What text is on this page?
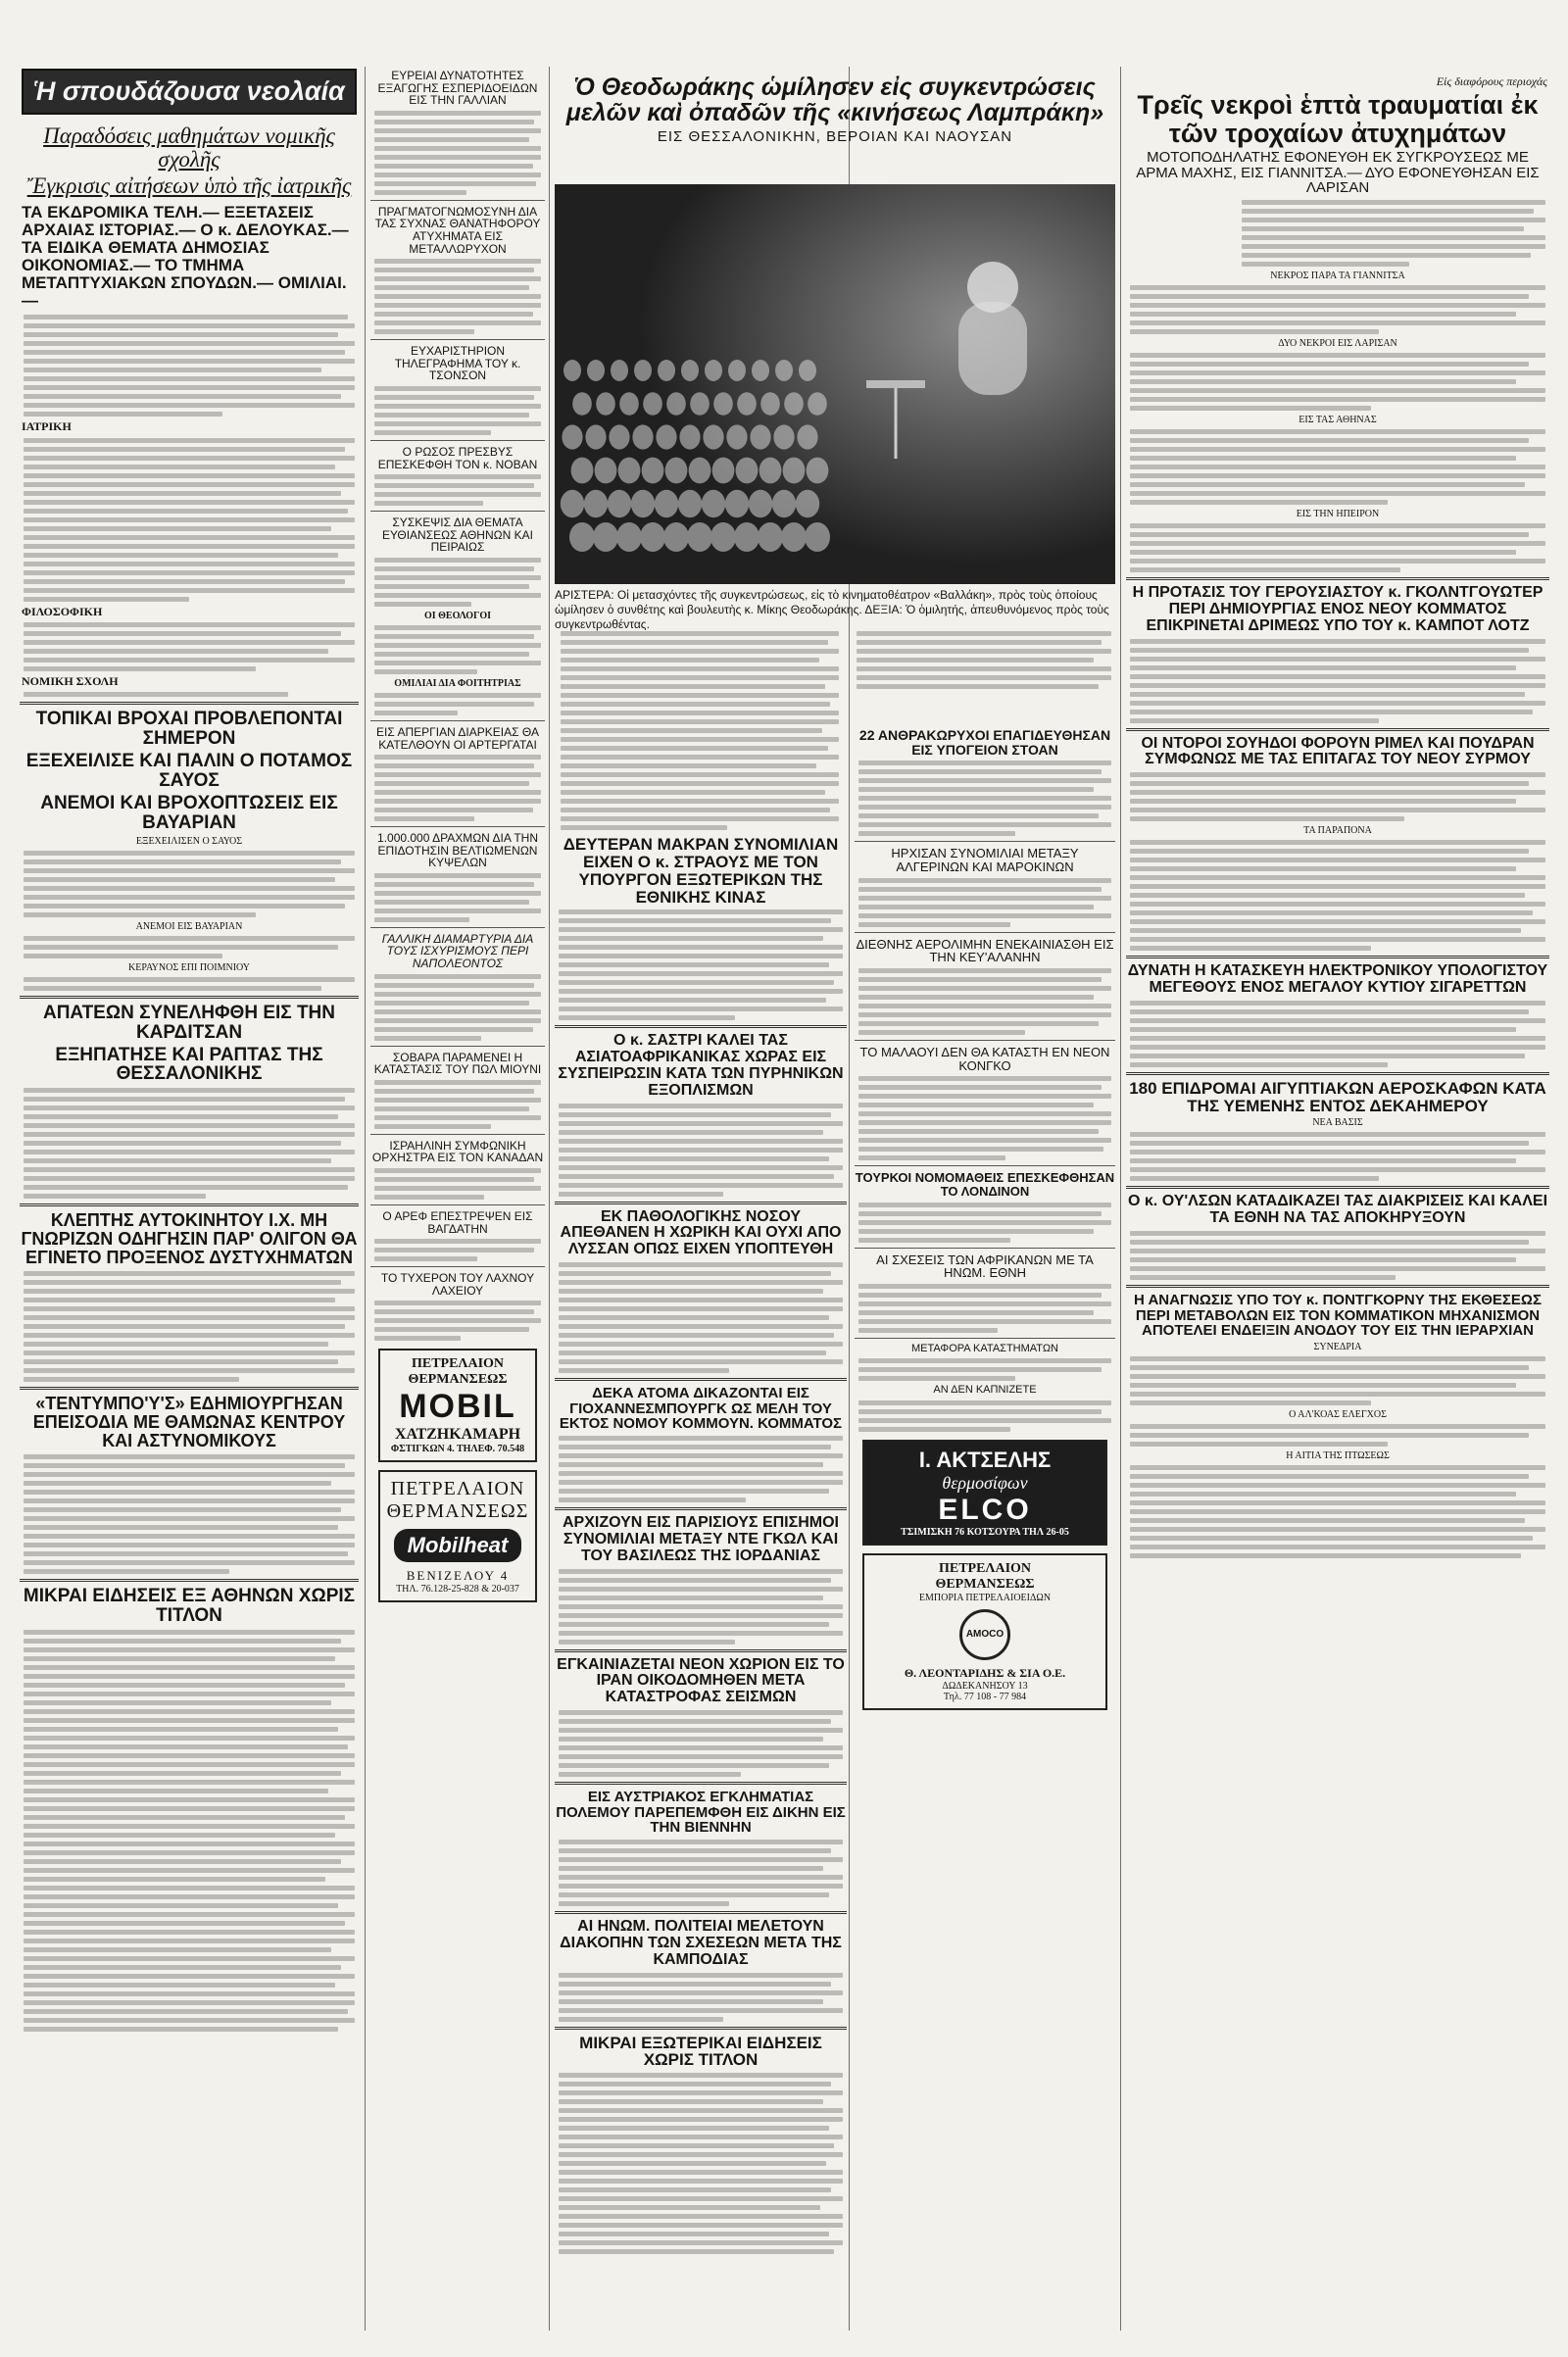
Ἡ σπουδάζουσα νεολαία
Παραδόσεις μαθημάτων νομικῆς σχολῆς
Ἔγκρισις αἰτήσεων ὑπὸ τῆς ἰατρικῆς
ΤΑ ΕΚΔΡΟΜΙΚΑ ΤΕΛΗ.— ΕΞΕΤΑΣΕΙΣ ΑΡΧΑΙΑΣ ΙΣΤΟΡΙΑΣ.— Ο κ. ΔΕΛΟΥΚΑΣ.— ΤΑ ΕΙΔΙΚΑ ΘΕΜΑΤΑ ΔΗΜΟΣΙΑΣ ΟΙΚΟΝΟΜΙΑΣ.— ΤΟ ΤΜΗΜΑ ΜΕΤΑΠΤΥΧΙΑΚΩΝ ΣΠΟΥΔΩΝ.— ΟΜΙΛΙΑΙ.—
ΙΑΤΡΙΚΗ
ΦΙΛΟΣΟΦΙΚΗ
ΝΟΜΙΚΗ ΣΧΟΛΗ
ΤΟΠΙΚΑΙ ΒΡΟΧΑΙ ΠΡΟΒΛΕΠΟΝΤΑΙ ΣΗΜΕΡΟΝ
ΕΞΕΧΕΙΛΙΣΕ ΚΑΙ ΠΑΛΙΝ Ο ΠΟΤΑΜΟΣ ΣΑΥΟΣ
ΑΝΕΜΟΙ ΚΑΙ ΒΡΟΧΟΠΤΩΣΕΙΣ ΕΙΣ ΒΑΥΑΡΙΑΝ
ΕΞΕΧΕΙΛΙΣΕΝ Ο ΣΑΥΟΣ
ΑΝΕΜΟΙ ΕΙΣ ΒΑΥΑΡΙΑΝ
ΚΕΡΑΥΝΟΣ ΕΠΙ ΠΟΙΜΝΙΟΥ
ΑΠΑΤΕΩΝ ΣΥΝΕΛΗΦΘΗ ΕΙΣ ΤΗΝ ΚΑΡΔΙΤΣΑΝ
ΕΞΗΠΑΤΗΣΕ ΚΑΙ ΡΑΠΤΑΣ ΤΗΣ ΘΕΣΣΑΛΟΝΙΚΗΣ
ΚΛΕΠΤΗΣ ΑΥΤΟΚΙΝΗΤΟΥ Ι.Χ. ΜΗ ΓΝΩΡΙΖΩΝ ΟΔΗΓΗΣΙΝ ΠΑΡ' ΟΛΙΓΟΝ ΘΑ ΕΓΙΝΕΤΟ ΠΡΟΞΕΝΟΣ ΔΥΣΤΥΧΗΜΑΤΩΝ
«ΤΕΝΤΥΜΠΟ'Υ'Σ» ΕΔΗΜΙΟΥΡΓΗΣΑΝ ΕΠΕΙΣΟΔΙΑ ΜΕ ΘΑΜΩΝΑΣ ΚΕΝΤΡΟΥ ΚΑΙ ΑΣΤΥΝΟΜΙΚΟΥΣ
ΜΙΚΡΑΙ ΕΙΔΗΣΕΙΣ ΕΞ ΑΘΗΝΩΝ ΧΩΡΙΣ ΤΙΤΛΟΝ
ΕΥΡΕΙΑΙ ΔΥΝΑΤΟΤΗΤΕΣ ΕΞΑΓΩΓΗΣ ΕΣΠΕΡΙΔΟΕΙΔΩΝ ΕΙΣ ΤΗΝ ΓΑΛΛΙΑΝ
ΠΡΑΓΜΑΤΟΓΝΩΜΟΣΥΝΗ ΔΙΑ ΤΑΣ ΣΥΧΝΑΣ ΘΑΝΑΤΗΦΟΡΟΥ ΑΤΥΧΗΜΑΤΑ ΕΙΣ ΜΕΤΑΛΛΩΡΥΧΟΝ
ΕΥΧΑΡΙΣΤΗΡΙΟΝ ΤΗΛΕΓΡΑΦΗΜΑ ΤΟΥ κ. ΤΣΟΝΣΟΝ
Ο ΡΩΣΟΣ ΠΡΕΣΒΥΣ ΕΠΕΣΚΕΦΘΗ ΤΟΝ κ. ΝΟΒΑΝ
ΣΥΣΚΕΨΙΣ ΔΙΑ ΘΕΜΑΤΑ ΕΥΘΙΑΝΣΕΩΣ ΑΘΗΝΩΝ ΚΑΙ ΠΕΙΡΑΙΩΣ
ΟΙ ΘΕΟΛΟΓΟΙ
ΟΜΙΛΙΑΙ ΔΙΑ ΦΟΙΤΗΤΡΙΑΣ
ΕΙΣ ΑΠΕΡΓΙΑΝ ΔΙΑΡΚΕΙΑΣ ΘΑ ΚΑΤΕΛΘΟΥΝ ΟΙ ΑΡΤΕΡΓΑΤΑΙ
1.000.000 ΔΡΑΧΜΩΝ ΔΙΑ ΤΗΝ ΕΠΙΔΟΤΗΣΙΝ ΒΕΛΤΙΩΜΕΝΩΝ ΚΥΨΕΛΩΝ
ΓΑΛΛΙΚΗ ΔΙΑΜΑΡΤΥΡΙΑ ΔΙΑ ΤΟΥΣ ΙΣΧΥΡΙΣΜΟΥΣ ΠΕΡΙ ΝΑΠΟΛΕΟΝΤΟΣ
ΣΟΒΑΡΑ ΠΑΡΑΜΕΝΕΙ Η ΚΑΤΑΣΤΑΣΙΣ ΤΟΥ ΠΩΛ ΜΙΟΥΝΙ
ΙΣΡΑΗΛΙΝΗ ΣΥΜΦΩΝΙΚΗ ΟΡΧΗΣΤΡΑ ΕΙΣ ΤΟΝ ΚΑΝΑΔΑΝ
Ο ΑΡΕΦ ΕΠΕΣΤΡΕΨΕΝ ΕΙΣ ΒΑΓΔΑΤΗΝ
ΤΟ ΤΥΧΕΡΟΝ ΤΟΥ ΛΑΧΝΟΥ ΛΑΧΕΙΟΥ
ΠΕΤΡΕΛΑΙΟΝ
ΘΕΡΜΑΝΣΕΩΣ
MOBIL
ΧΑΤΖΗΚΑΜΑΡΗ
ΦΣΤΙΓΚΩΝ 4. ΤΗΛΕΦ. 70.548
ΠΕΤΡΕΛΑΙΟΝ
ΘΕΡΜΑΝΣΕΩΣ
Mobilheat
ΒΕΝΙΖΕΛΟΥ 4
ΤΗΛ. 76.128-25-828 & 20-037
Ὁ Θεοδωράκης ὡμίλησεν εἰς συγκεντρώσεις μελῶν καὶ ὀπαδῶν τῆς «κινήσεως Λαμπράκη»
ΕΙΣ ΘΕΣΣΑΛΟΝΙΚΗΝ, ΒΕΡΟΙΑΝ ΚΑΙ ΝΑΟΥΣΑΝ
ΑΡΙΣΤΕΡΑ: Οἱ μετασχόντες τῆς συγκεντρώσεως, εἰς τὸ κινηματοθέατρον «Βαλλάκη», πρὸς τοὺς ὁποίους ὡμίλησεν ὁ συνθέτης καὶ βουλευτὴς κ. Μίκης Θεοδωράκης. ΔΕΞΙΑ: Ὁ ὁμιλητής, ἀπευθυνόμενος πρὸς τοὺς συγκεντρωθέντας.
ΔΕΥΤΕΡΑΝ ΜΑΚΡΑΝ ΣΥΝΟΜΙΛΙΑΝ ΕΙΧΕΝ Ο κ. ΣΤΡΑΟΥΣ ΜΕ ΤΟΝ ΥΠΟΥΡΓΟΝ ΕΞΩΤΕΡΙΚΩΝ ΤΗΣ ΕΘΝΙΚΗΣ ΚΙΝΑΣ
Ο κ. ΣΑΣΤΡΙ ΚΑΛΕΙ ΤΑΣ ΑΣΙΑΤΟΑΦΡΙΚΑΝΙΚΑΣ ΧΩΡΑΣ ΕΙΣ ΣΥΣΠΕΙΡΩΣΙΝ ΚΑΤΑ ΤΩΝ ΠΥΡΗΝΙΚΩΝ ΕΞΟΠΛΙΣΜΩΝ
ΕΚ ΠΑΘΟΛΟΓΙΚΗΣ ΝΟΣΟΥ ΑΠΕΘΑΝΕΝ Η ΧΩΡΙΚΗ ΚΑΙ ΟΥΧΙ ΑΠΟ ΛΥΣΣΑΝ ΟΠΩΣ ΕΙΧΕΝ ΥΠΟΠΤΕΥΘΗ
ΔΕΚΑ ΑΤΟΜΑ ΔΙΚΑΖΟΝΤΑΙ ΕΙΣ ΓΙΟΧΑΝΝΕΣΜΠΟΥΡΓΚ ΩΣ ΜΕΛΗ ΤΟΥ ΕΚΤΟΣ ΝΟΜΟΥ ΚΟΜΜΟΥΝ. ΚΟΜΜΑΤΟΣ
ΑΡΧΙΖΟΥΝ ΕΙΣ ΠΑΡΙΣΙΟΥΣ ΕΠΙΣΗΜΟΙ ΣΥΝΟΜΙΛΙΑΙ ΜΕΤΑΞΥ ΝΤΕ ΓΚΩΛ ΚΑΙ ΤΟΥ ΒΑΣΙΛΕΩΣ ΤΗΣ ΙΟΡΔΑΝΙΑΣ
ΕΓΚΑΙΝΙΑΖΕΤΑΙ ΝΕΟΝ ΧΩΡΙΟΝ ΕΙΣ ΤΟ ΙΡΑΝ ΟΙΚΟΔΟΜΗΘΕΝ ΜΕΤΑ ΚΑΤΑΣΤΡΟΦΑΣ ΣΕΙΣΜΩΝ
ΕΙΣ ΑΥΣΤΡΙΑΚΟΣ ΕΓΚΛΗΜΑΤΙΑΣ ΠΟΛΕΜΟΥ ΠΑΡΕΠΕΜΦΘΗ ΕΙΣ ΔΙΚΗΝ ΕΙΣ ΤΗΝ ΒΙΕΝΝΗΝ
ΑΙ ΗΝΩΜ. ΠΟΛΙΤΕΙΑΙ ΜΕΛΕΤΟΥΝ ΔΙΑΚΟΠΗΝ ΤΩΝ ΣΧΕΣΕΩΝ ΜΕΤΑ ΤΗΣ ΚΑΜΠΟΔΙΑΣ
ΜΙΚΡΑΙ ΕΞΩΤΕΡΙΚΑΙ ΕΙΔΗΣΕΙΣ ΧΩΡΙΣ ΤΙΤΛΟΝ
22 ΑΝΘΡΑΚΩΡΥΧΟΙ ΕΠΑΓΙΔΕΥΘΗΣΑΝ ΕΙΣ ΥΠΟΓΕΙΟΝ ΣΤΟΑΝ
ΗΡΧΙΣΑΝ ΣΥΝΟΜΙΛΙΑΙ ΜΕΤΑΞΥ ΑΛΓΕΡΙΝΩΝ ΚΑΙ ΜΑΡΟΚΙΝΩΝ
ΔΙΕΘΝΗΣ ΑΕΡΟΛΙΜΗΝ ΕΝΕΚΑΙΝΙΑΣΘΗ ΕΙΣ ΤΗΝ ΚΕΥ'ΑΛΑΝΗΝ
ΤΟ ΜΑΛΑΟΥΙ ΔΕΝ ΘΑ ΚΑΤΑΣΤΗ ΕΝ ΝΕΟΝ ΚΟΝΓΚΟ
ΤΟΥΡΚΟΙ ΝΟΜΟΜΑΘΕΙΣ ΕΠΕΣΚΕΦΘΗΣΑΝ ΤΟ ΛΟΝΔΙΝΟΝ
ΑΙ ΣΧΕΣΕΙΣ ΤΩΝ ΑΦΡΙΚΑΝΩΝ ΜΕ ΤΑ ΗΝΩΜ. ΕΘΝΗ
ΜΕΤΑΦΟΡΑ ΚΑΤΑΣΤΗΜΑΤΩΝ
ΑΝ ΔΕΝ ΚΑΠΝΙΖΕΤΕ
Ι. ΑΚΤΣΕΛΗΣ
θερμοσίφων
ELCO
ΤΣΙΜΙΣΚΗ 76 ΚΟΤΣΟΥΡΑ ΤΗΛ 26-05
ΠΕΤΡΕΛΑΙΟΝ
ΘΕΡΜΑΝΣΕΩΣ
ΕΜΠΟΡΙΑ ΠΕΤΡΕΛΑΙΟΕΙΔΩΝ
AMOCO
Θ. ΛΕΟΝΤΑΡΙΔΗΣ & ΣΙΑ Ο.Ε.
ΔΩΔΕΚΑΝΗΣΟΥ 13
Τηλ. 77 108 - 77 984
Εἰς διαφόρους περιοχάς
Τρεῖς νεκροὶ ἑπτὰ τραυματίαι ἐκ τῶν τροχαίων ἀτυχημάτων
ΜΟΤΟΠΟΔΗΛΑΤΗΣ ΕΦΟΝΕΥΘΗ ΕΚ ΣΥΓΚΡΟΥΣΕΩΣ ΜΕ ΑΡΜΑ ΜΑΧΗΣ, ΕΙΣ ΓΙΑΝΝΙΤΣΑ.— ΔΥΟ ΕΦΟΝΕΥΘΗΣΑΝ ΕΙΣ ΛΑΡΙΣΑΝ
ΝΕΚΡΟΣ ΠΑΡΑ ΤΑ ΓΙΑΝΝΙΤΣΑ
ΔΥΟ ΝΕΚΡΟΙ ΕΙΣ ΛΑΡΙΣΑΝ
ΕΙΣ ΤΑΣ ΑΘΗΝΑΣ
ΕΙΣ ΤΗΝ ΗΠΕΙΡΟΝ
Η ΠΡΟΤΑΣΙΣ ΤΟΥ ΓΕΡΟΥΣΙΑΣΤΟΥ κ. ΓΚΟΛΝΤΓΟΥΩΤΕΡ ΠΕΡΙ ΔΗΜΙΟΥΡΓΙΑΣ ΕΝΟΣ ΝΕΟΥ ΚΟΜΜΑΤΟΣ ΕΠΙΚΡΙΝΕΤΑΙ ΔΡΙΜΕΩΣ ΥΠΟ ΤΟΥ κ. ΚΑΜΠΟΤ ΛΟΤΖ
ΟΙ ΝΤΟΡΟΙ ΣΟΥΗΔΟΙ ΦΟΡΟΥΝ ΡΙΜΕΛ ΚΑΙ ΠΟΥΔΡΑΝ ΣΥΜΦΩΝΩΣ ΜΕ ΤΑΣ ΕΠΙΤΑΓΑΣ ΤΟΥ ΝΕΟΥ ΣΥΡΜΟΥ
ΤΑ ΠΑΡΑΠΟΝΑ
ΔΥΝΑΤΗ Η ΚΑΤΑΣΚΕΥΗ ΗΛΕΚΤΡΟΝΙΚΟΥ ΥΠΟΛΟΓΙΣΤΟΥ ΜΕΓΕΘΟΥΣ ΕΝΟΣ ΜΕΓΑΛΟΥ ΚΥΤΙΟΥ ΣΙΓΑΡΕΤΤΩΝ
180 ΕΠΙΔΡΟΜΑΙ ΑΙΓΥΠΤΙΑΚΩΝ ΑΕΡΟΣΚΑΦΩΝ ΚΑΤΑ ΤΗΣ ΥΕΜΕΝΗΣ ΕΝΤΟΣ ΔΕΚΑΗΜΕΡΟΥ
ΝΕΑ ΒΑΣΙΣ
Ο κ. ΟΥ'ΛΣΩΝ ΚΑΤΑΔΙΚΑΖΕΙ ΤΑΣ ΔΙΑΚΡΙΣΕΙΣ ΚΑΙ ΚΑΛΕΙ ΤΑ ΕΘΝΗ ΝΑ ΤΑΣ ΑΠΟΚΗΡΥΞΟΥΝ
Η ΑΝΑΓΝΩΣΙΣ ΥΠΟ ΤΟΥ κ. ΠΟΝΤΓΚΟΡΝΥ ΤΗΣ ΕΚΘΕΣΕΩΣ ΠΕΡΙ ΜΕΤΑΒΟΛΩΝ ΕΙΣ ΤΟΝ ΚΟΜΜΑΤΙΚΟΝ ΜΗΧΑΝΙΣΜΟΝ ΑΠΟΤΕΛΕΙ ΕΝΔΕΙΞΙΝ ΑΝΟΔΟΥ ΤΟΥ ΕΙΣ ΤΗΝ ΙΕΡΑΡΧΙΑΝ
ΣΥΝΕΔΡΙΑ
Ο ΑΛ'ΚΟΑΣ ΕΛΕΓΧΟΣ
Η ΑΙΤΙΑ ΤΗΣ ΠΤΩΣΕΩΣ
